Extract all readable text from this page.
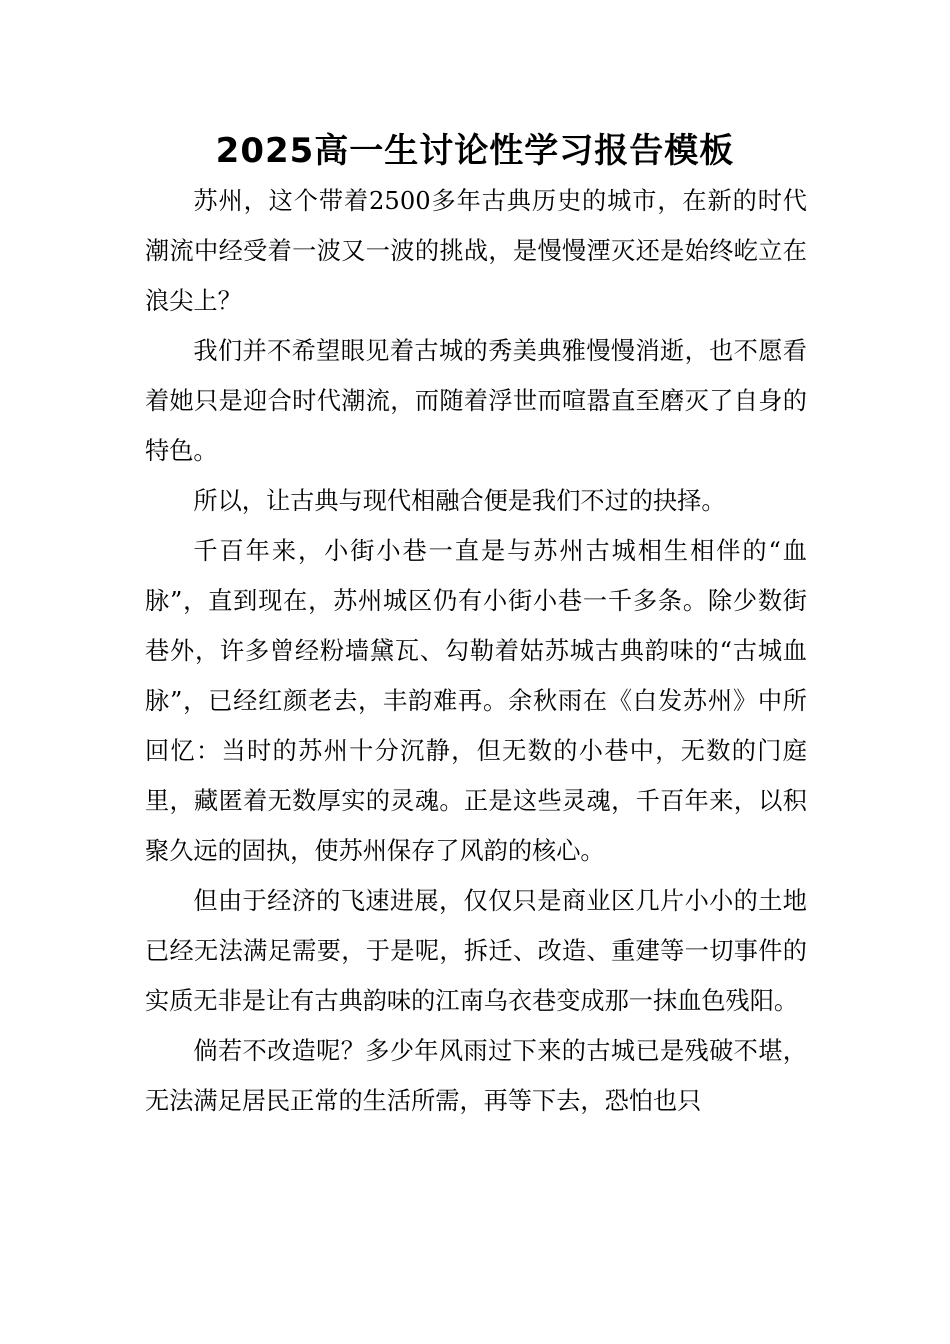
2025高一生讨论性学习报告模板

苏州，这个带着2500多年古典历史的城市，在新的时代潮流中经受着一波又一波的挑战，是慢慢湮灭还是始终屹立在浪尖上？

我们并不希望眼见着古城的秀美典雅慢慢消逝，也不愿看着她只是迎合时代潮流，而随着浮世而喧嚣直至磨灭了自身的特色。

所以，让古典与现代相融合便是我们不过的抉择。

千百年来，小街小巷一直是与苏州古城相生相伴的“血脉”，直到现在，苏州城区仍有小街小巷一千多条。除少数街巷外，许多曾经粉墙黛瓦、勾勒着姑苏城古典韵味的“古城血脉”，已经红颜老去，丰韵难再。余秋雨在《白发苏州》中所回忆：当时的苏州十分沉静，但无数的小巷中，无数的门庭里，藏匿着无数厚实的灵魂。正是这些灵魂，千百年来，以积聚久远的固执，使苏州保存了风韵的核心。

但由于经济的飞速进展，仅仅只是商业区几片小小的土地已经无法满足需要，于是呢，拆迁、改造、重建等一切事件的实质无非是让有古典韵味的江南乌衣巷变成那一抹血色残阳。

倘若不改造呢？多少年风雨过下来的古城已是残破不堪，无法满足居民正常的生活所需，再等下去，恐怕也只
